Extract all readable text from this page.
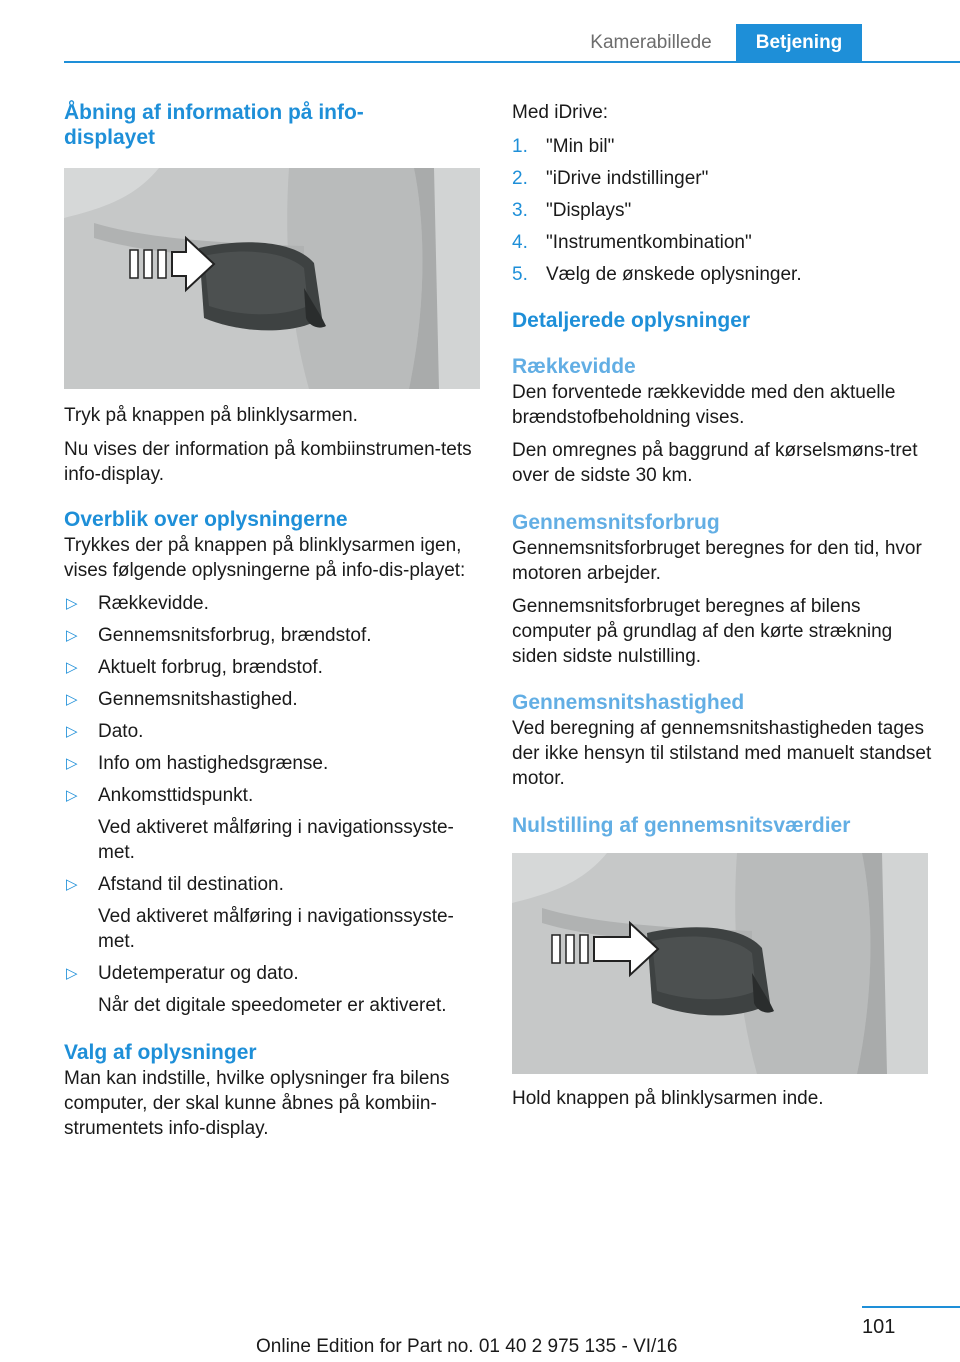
Kamerabillede	Betjening
Åbning af information på info-displayet

Tryk på knappen på blinklysarmen.

Nu vises der information på kombiinstrumen-tets info-display.

Overblik over oplysningerne

Trykkes der på knappen på blinklysarmen igen, vises følgende oplysningerne på info-dis-playet:

▷ Rækkevidde.
▷ Gennemsnitsforbrug, brændstof.
▷ Aktuelt forbrug, brændstof.
▷ Gennemsnitshastighed.
▷ Dato.
▷ Info om hastighedsgrænse.
▷ Ankomsttidspunkt.
Ved aktiveret målføring i navigationssyste-met.
▷ Afstand til destination.
Ved aktiveret målføring i navigationssyste-met.
▷ Udetemperatur og dato.
Når det digitale speedometer er aktiveret.
Valg af oplysninger

Man kan indstille, hvilke oplysninger fra bilens computer, der skal kunne åbnes på kombiin-strumentets info-display.

Med iDrive:

1. "Min bil"
2. "iDrive indstillinger"
3. "Displays"
4. "Instrumentkombination"
5. Vælg de ønskede oplysninger.
Detaljerede oplysninger
Rækkevidde

Den forventede rækkevidde med den aktuelle brændstofbeholdning vises.

Den omregnes på baggrund af kørselsmøns-tret over de sidste 30 km.

Gennemsnitsforbrug

Gennemsnitsforbruget beregnes for den tid, hvor motoren arbejder.

Gennemsnitsforbruget beregnes af bilens computer på grundlag af den kørte strækning siden sidste nulstilling.

Gennemsnitshastighed

Ved beregning af gennemsnitshastigheden tages der ikke hensyn til stilstand med manuelt standset motor.

Nulstilling af gennemsnitsværdier

Hold knappen på blinklysarmen inde.

101
Online Edition for Part no. 01 40 2 975 135 - VI/16
